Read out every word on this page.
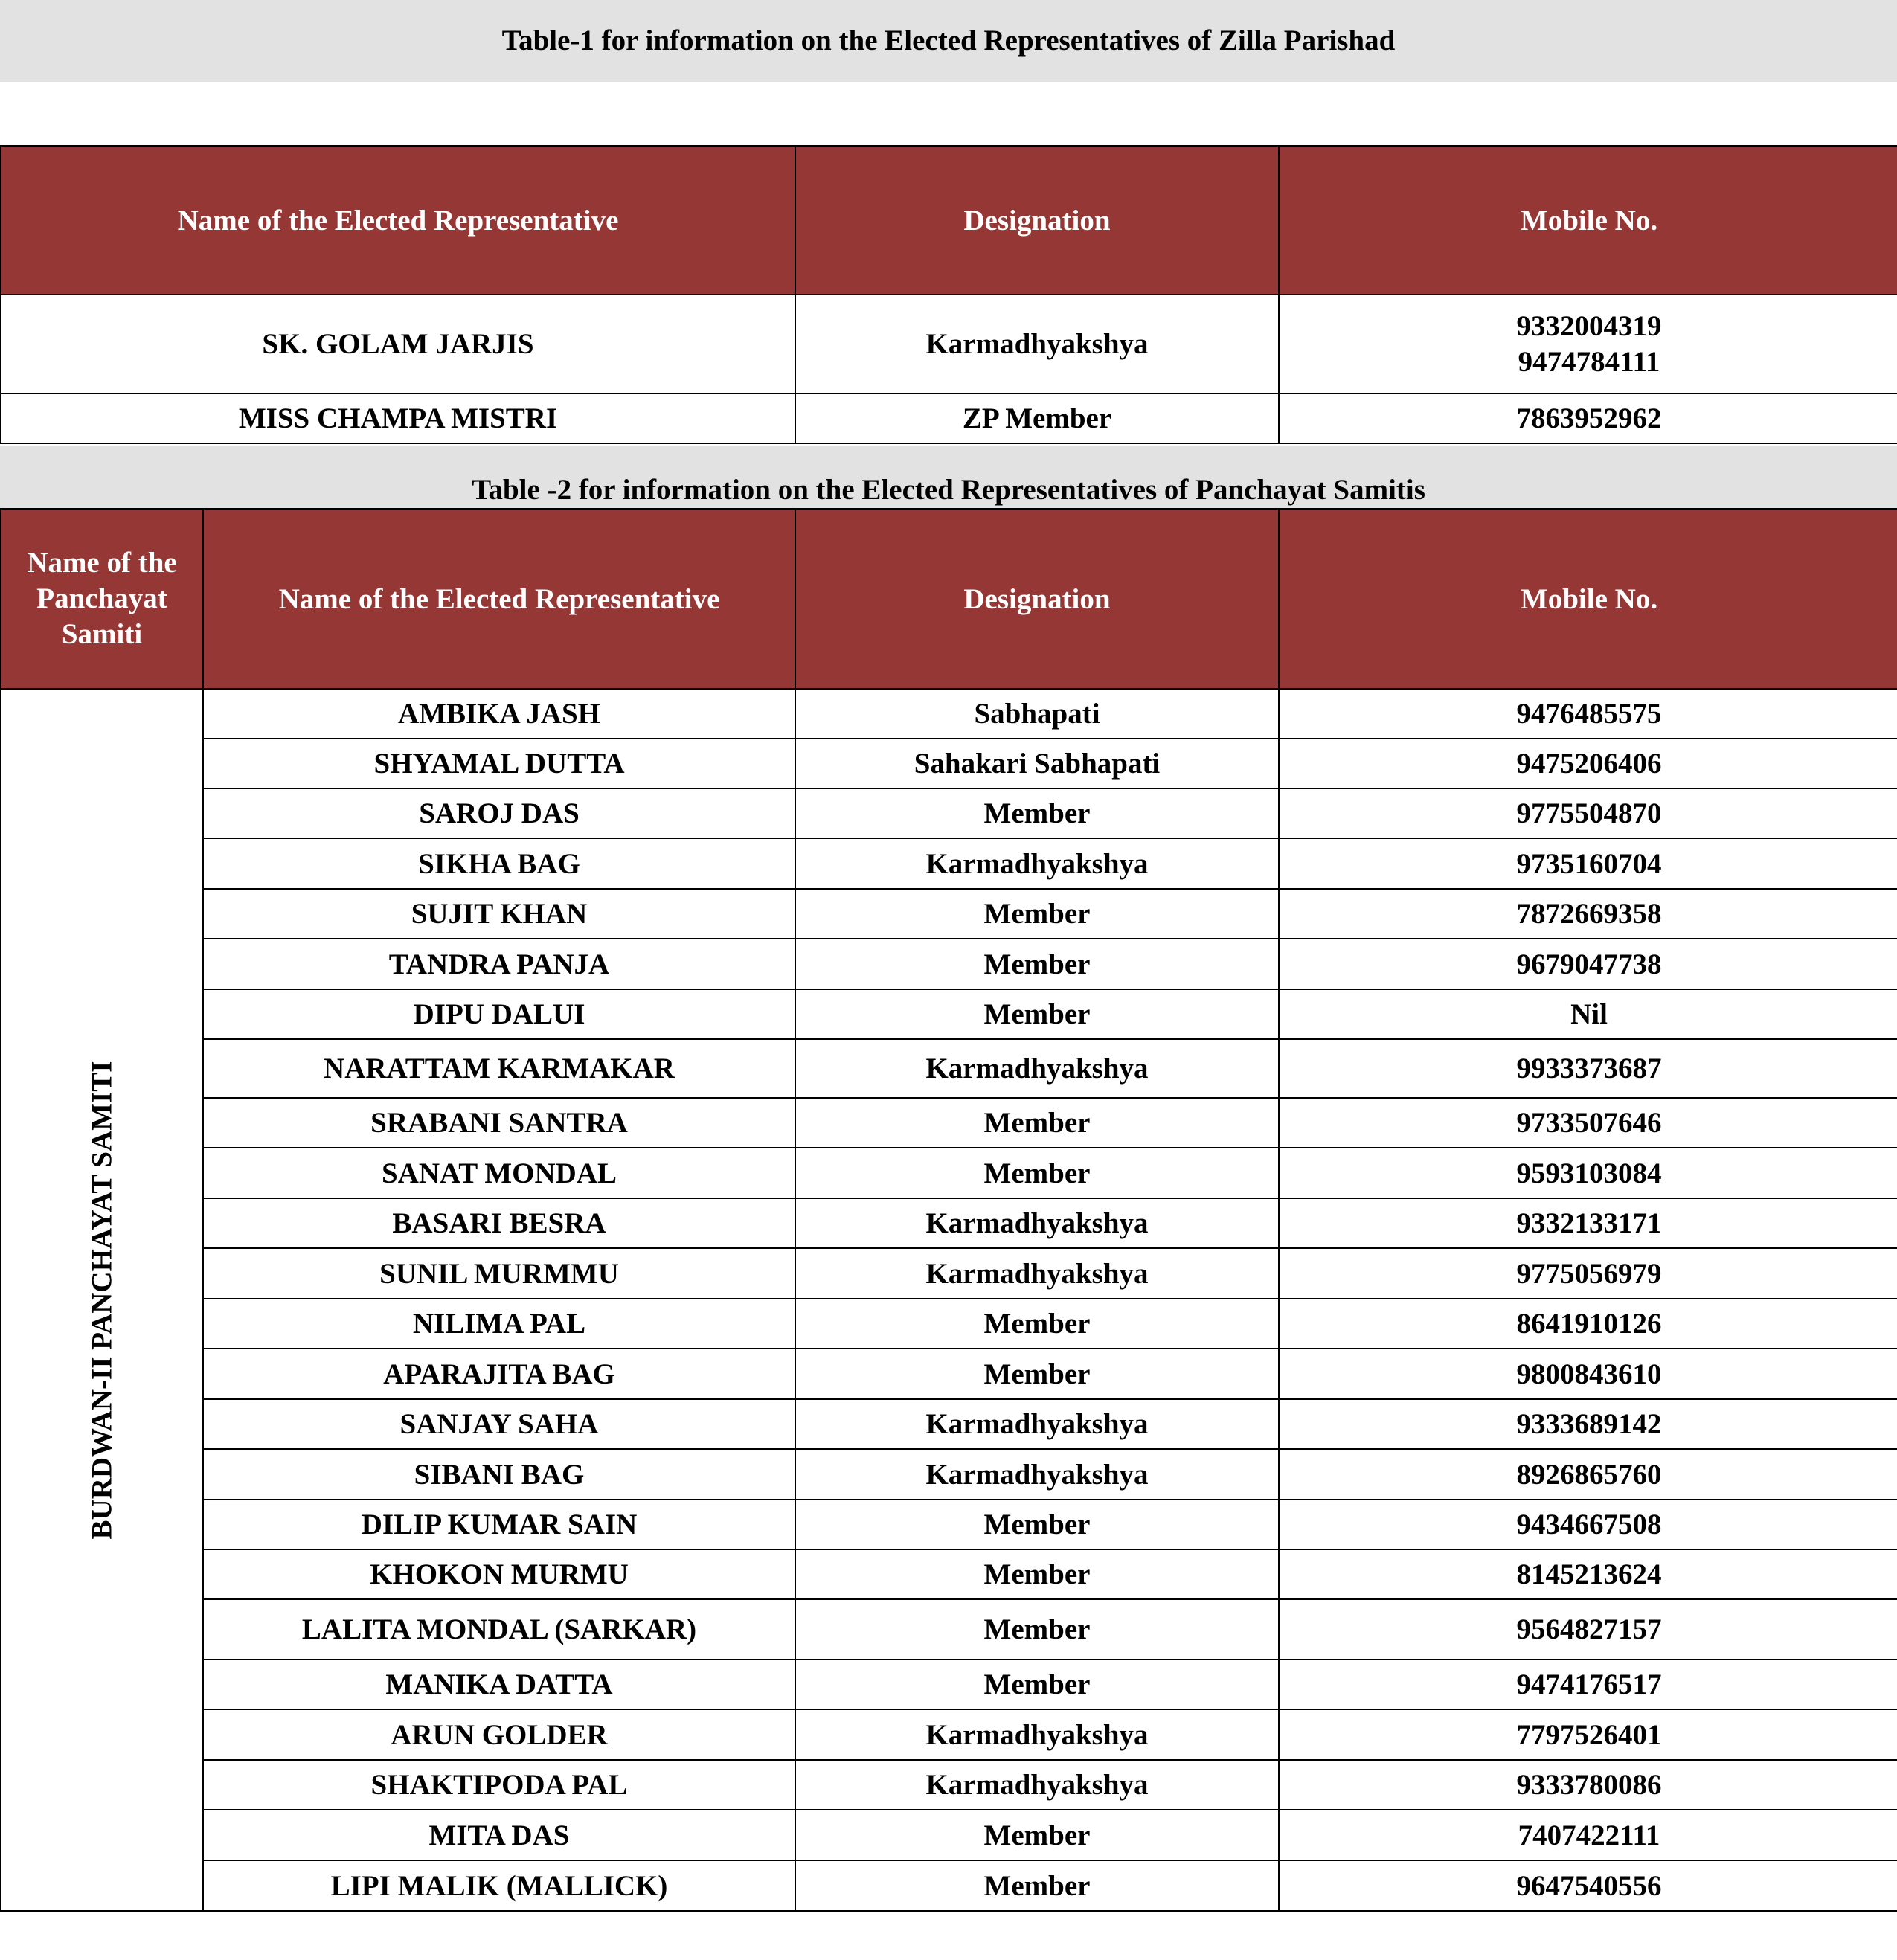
Table-1 for information on the Elected Representatives of Zilla Parishad
Name of the Elected Representative	Designation	Mobile No.
SK. GOLAM JARJIS	Karmadhyakshya	9332004319
9474784111

MISS CHAMPA MISTRI	ZP Member	7863952962
Table -2 for information on the Elected Representatives of Panchayat Samitis
Name of the Panchayat Samiti	Name of the Elected Representative	Designation	Mobile No.

BURDWAN-II PANCHAYAT SAMITI	AMBIKA JASH	Sabhapati	9476485575
	SHYAMAL DUTTA	Sahakari Sabhapati	9475206406
	SAROJ DAS	Member	9775504870
	SIKHA BAG	Karmadhyakshya	9735160704
	SUJIT KHAN	Member	7872669358
	TANDRA PANJA	Member	9679047738
	DIPU DALUI	Member	Nil
	NARATTAM KARMAKAR	Karmadhyakshya	9933373687
	SRABANI SANTRA	Member	9733507646
	SANAT MONDAL	Member	9593103084
	BASARI BESRA	Karmadhyakshya	9332133171
	SUNIL MURMMU	Karmadhyakshya	9775056979
	NILIMA PAL	Member	8641910126
	APARAJITA BAG	Member	9800843610
	SANJAY SAHA	Karmadhyakshya	9333689142
	SIBANI BAG	Karmadhyakshya	8926865760
	DILIP KUMAR SAIN	Member	9434667508
	KHOKON MURMU	Member	8145213624
	LALITA MONDAL (SARKAR)	Member	9564827157
	MANIKA DATTA	Member	9474176517
	ARUN GOLDER	Karmadhyakshya	7797526401
	SHAKTIPODA PAL	Karmadhyakshya	9333780086
	MITA DAS	Member	7407422111
	LIPI MALIK (MALLICK)	Member	9647540556
